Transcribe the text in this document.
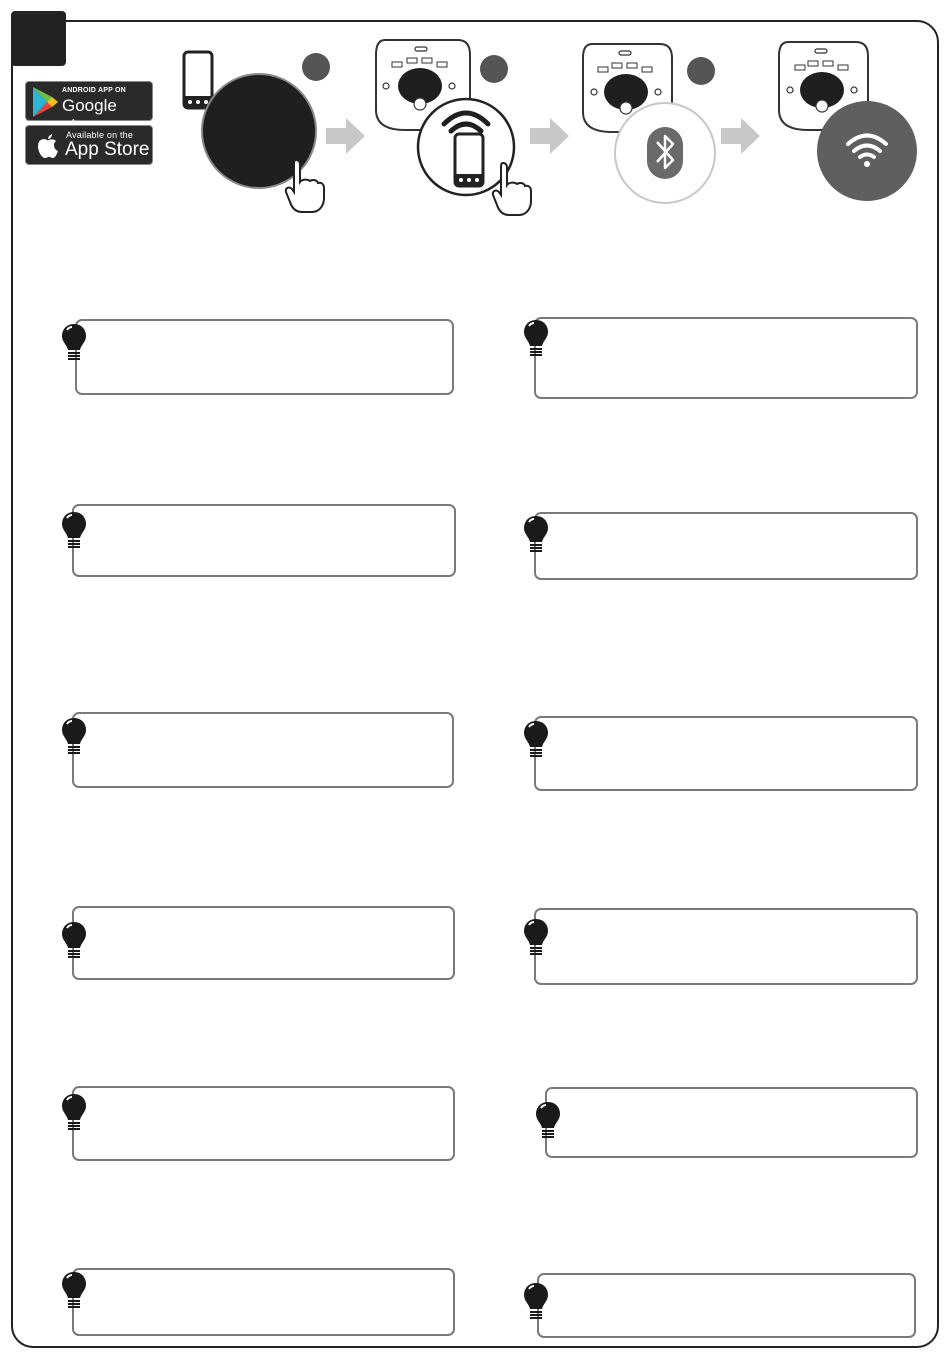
ANDROID APP ON
Google
Available on the
App Store
